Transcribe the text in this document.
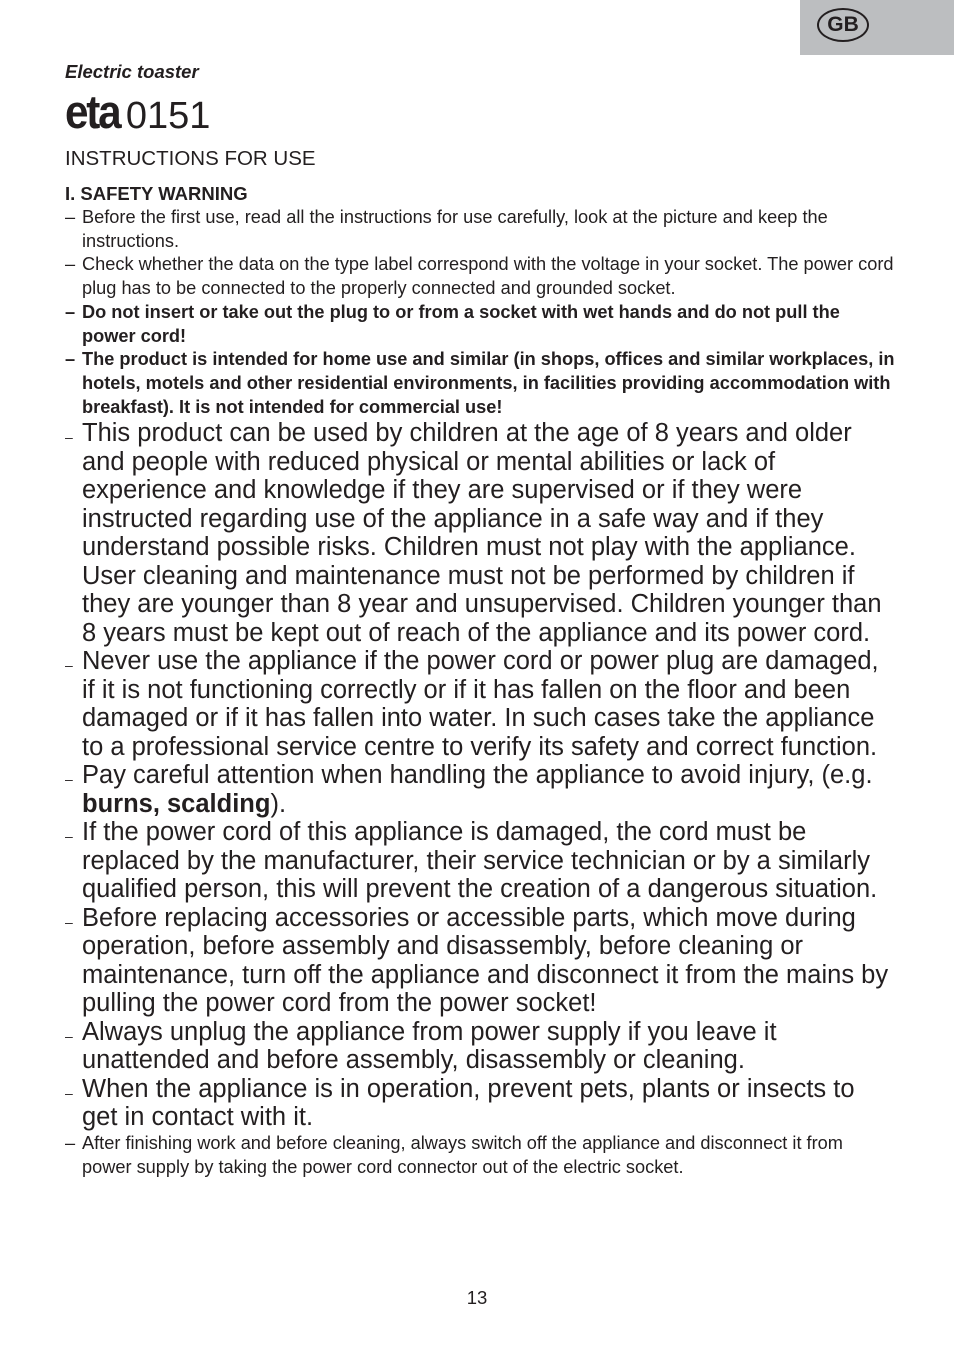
GB

Electric toaster

eta 0151

INSTRUCTIONS FOR USE

I. SAFETY WARNING

– Before the first use, read all the instructions for use carefully, look at the picture and keep the instructions.
– Check whether the data on the type label correspond with the voltage in your socket. The power cord plug has to be connected to the properly connected and grounded socket.
– Do not insert or take out the plug to or from a socket with wet hands and do not pull the power cord!
– The product is intended for home use and similar (in shops, offices and similar workplaces, in hotels, motels and other residential environments, in facilities providing accommodation with breakfast). It is not intended for commercial use!
– This product can be used by children at the age of 8 years and older and people with reduced physical or mental abilities or lack of experience and knowledge if they are supervised or if they were instructed regarding use of the appliance in a safe way and if they understand possible risks. Children must not play with the appliance. User cleaning and maintenance must not be performed by children if they are younger than 8 year and unsupervised. Children younger than 8 years must be kept out of reach of the appliance and its power cord.
– Never use the appliance if the power cord or power plug are damaged, if it is not functioning correctly or if it has fallen on the floor and been damaged or if it has fallen into water. In such cases take the appliance to a professional service centre to verify its safety and correct function.
– Pay careful attention when handling the appliance to avoid injury, (e.g. burns, scalding).
– If the power cord of this appliance is damaged, the cord must be replaced by the manufacturer, their service technician or by a similarly qualified person, this will prevent the creation of a dangerous situation.
– Before replacing accessories or accessible parts, which move during operation, before assembly and disassembly, before cleaning or maintenance, turn off the appliance and disconnect it from the mains by pulling the power cord from the power socket!
– Always unplug the appliance from power supply if you leave it unattended and before assembly, disassembly or cleaning.
– When the appliance is in operation, prevent pets, plants or insects to get in contact with it.
– After finishing work and before cleaning, always switch off the appliance and disconnect it from power supply by taking the power cord connector out of the electric socket.
13
